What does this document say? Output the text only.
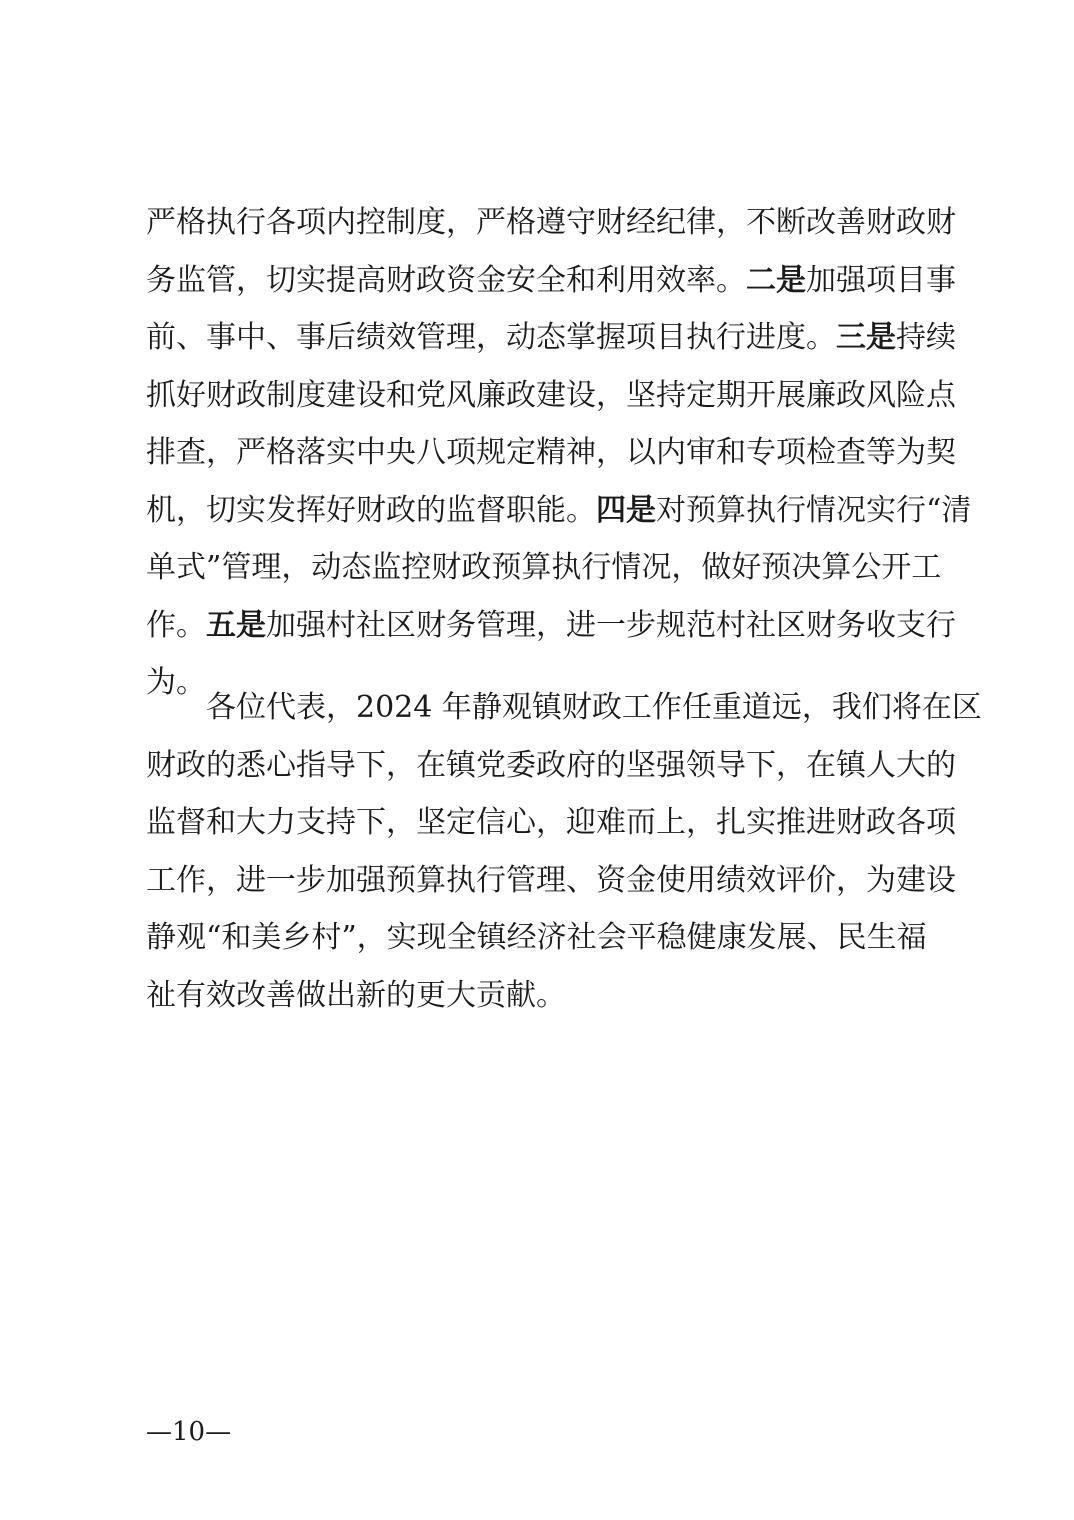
严格执行各项内控制度，严格遵守财经纪律，不断改善财政财
务监管，切实提高财政资金安全和利用效率。二是加强项目事
前、事中、事后绩效管理，动态掌握项目执行进度。三是持续
抓好财政制度建设和党风廉政建设，坚持定期开展廉政风险点
排查，严格落实中央八项规定精神，以内审和专项检查等为契
机，切实发挥好财政的监督职能。四是对预算执行情况实行“清
单式”管理，动态监控财政预算执行情况，做好预决算公开工
作。五是加强村社区财务管理，进一步规范村社区财务收支行
为。
各位代表，2024 年静观镇财政工作任重道远，我们将在区
财政的悉心指导下，在镇党委政府的坚强领导下，在镇人大的
监督和大力支持下，坚定信心，迎难而上，扎实推进财政各项
工作，进一步加强预算执行管理、资金使用绩效评价，为建设
静观“和美乡村”，实现全镇经济社会平稳健康发展、民生福
祉有效改善做出新的更大贡献。
—10—
